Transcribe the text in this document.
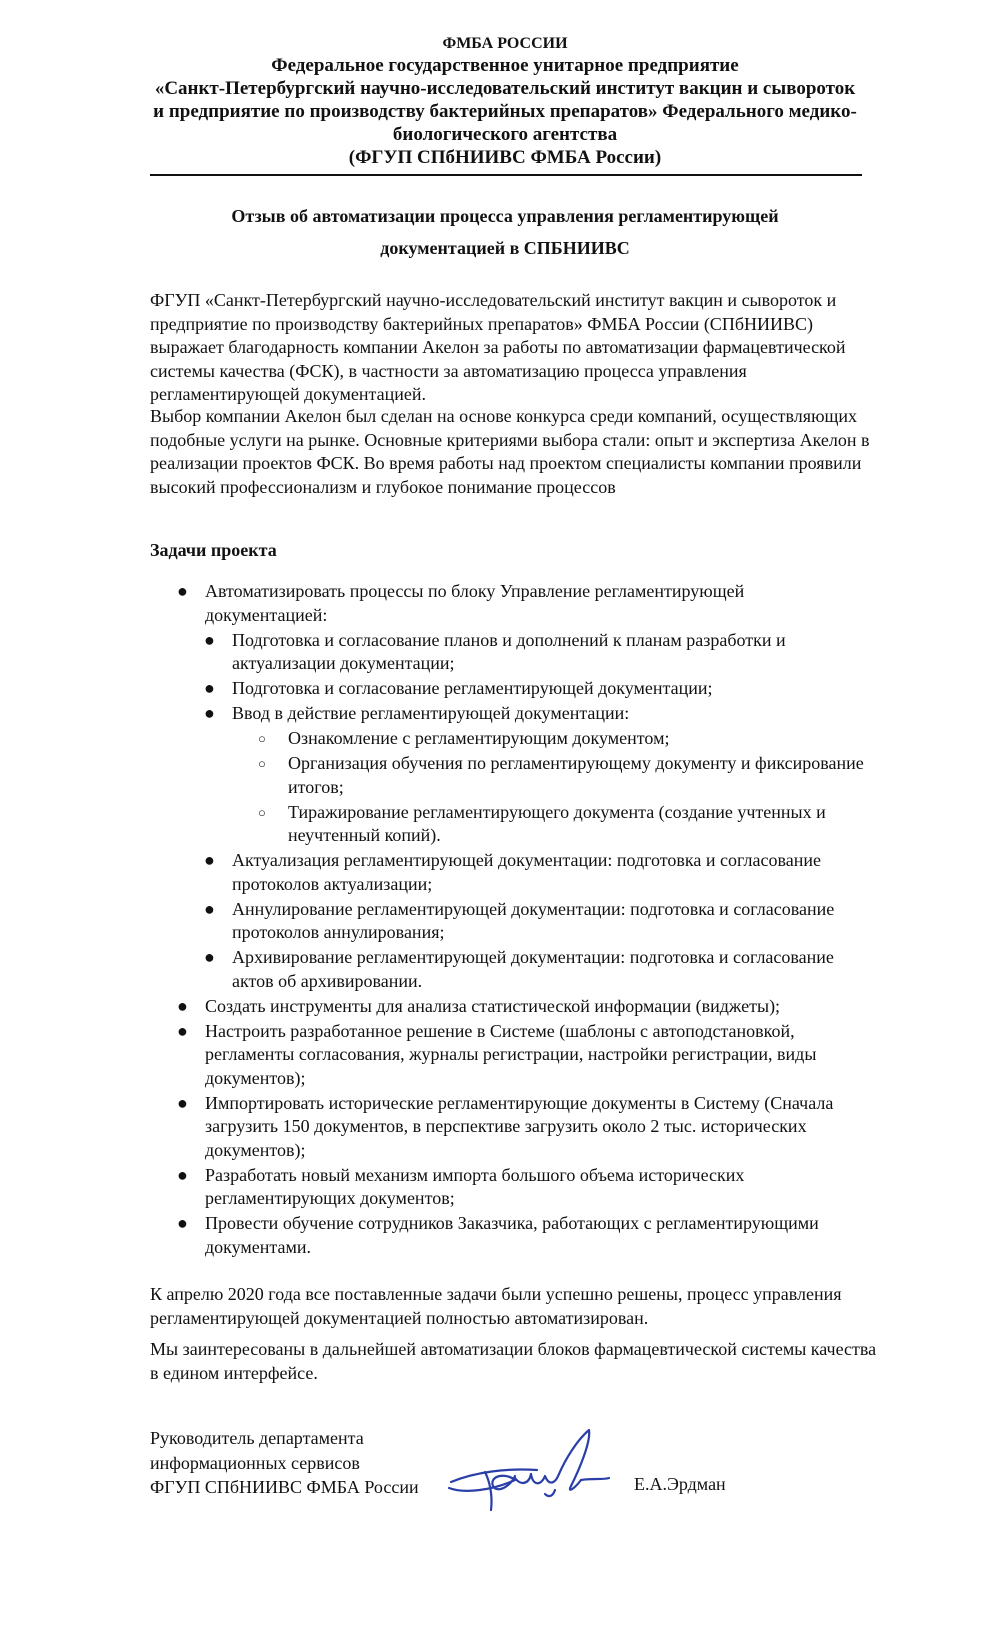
ФМБА РОССИИ
Федеральное государственное унитарное предприятие
«Санкт-Петербургский научно-исследовательский институт вакцин и сывороток
и предприятие по производству бактерийных препаратов» Федерального медико-
биологического агентства
(ФГУП СПбНИИВС ФМБА России)
Отзыв об автоматизации процесса управления регламентирующей
документацией в СПБНИИВС
ФГУП «Санкт-Петербургский научно-исследовательский институт вакцин и сывороток и предприятие по производству бактерийных препаратов» ФМБА России (СПбНИИВС) выражает благодарность компании Акелон за работы по автоматизации фармацевтической системы качества (ФСК), в частности за автоматизацию процесса управления регламентирующей документацией.
Выбор компании Акелон был сделан на основе конкурса среди компаний, осуществляющих подобные услуги на рынке. Основные критериями выбора стали: опыт и экспертиза Акелон в реализации проектов ФСК. Во время работы над проектом специалисты компании проявили высокий профессионализм и глубокое понимание процессов
Задачи проекта
● Автоматизировать процессы по блоку Управление регламентирующей документацией:
● Подготовка и согласование планов и дополнений к планам разработки и актуализации документации;
● Подготовка и согласование регламентирующей документации;
● Ввод в действие регламентирующей документации:
○ Ознакомление с регламентирующим документом;
○ Организация обучения по регламентирующему документу и фиксирование итогов;
○ Тиражирование регламентирующего документа (создание учтенных и неучтенный копий).
● Актуализация регламентирующей документации: подготовка и согласование протоколов актуализации;
● Аннулирование регламентирующей документации: подготовка и согласование протоколов аннулирования;
● Архивирование регламентирующей документации: подготовка и согласование актов об архивировании.
● Создать инструменты для анализа статистической информации (виджеты);
● Настроить разработанное решение в Системе (шаблоны с автоподстановкой, регламенты согласования, журналы регистрации, настройки регистрации, виды документов);
● Импортировать исторические регламентирующие документы в Систему (Сначала загрузить 150 документов, в перспективе загрузить около 2 тыс. исторических документов);
● Разработать новый механизм импорта большого объема исторических регламентирующих документов;
● Провести обучение сотрудников Заказчика, работающих с регламентирующими документами.
К апрелю 2020 года все поставленные задачи были успешно решены, процесс управления регламентирующей документацией полностью автоматизирован.
Мы заинтересованы в дальнейшей автоматизации блоков фармацевтической системы качества в едином интерфейсе.
Руководитель департамента
информационных сервисов
ФГУП СПбНИИВС ФМБА России	Е.А.Эрдман
